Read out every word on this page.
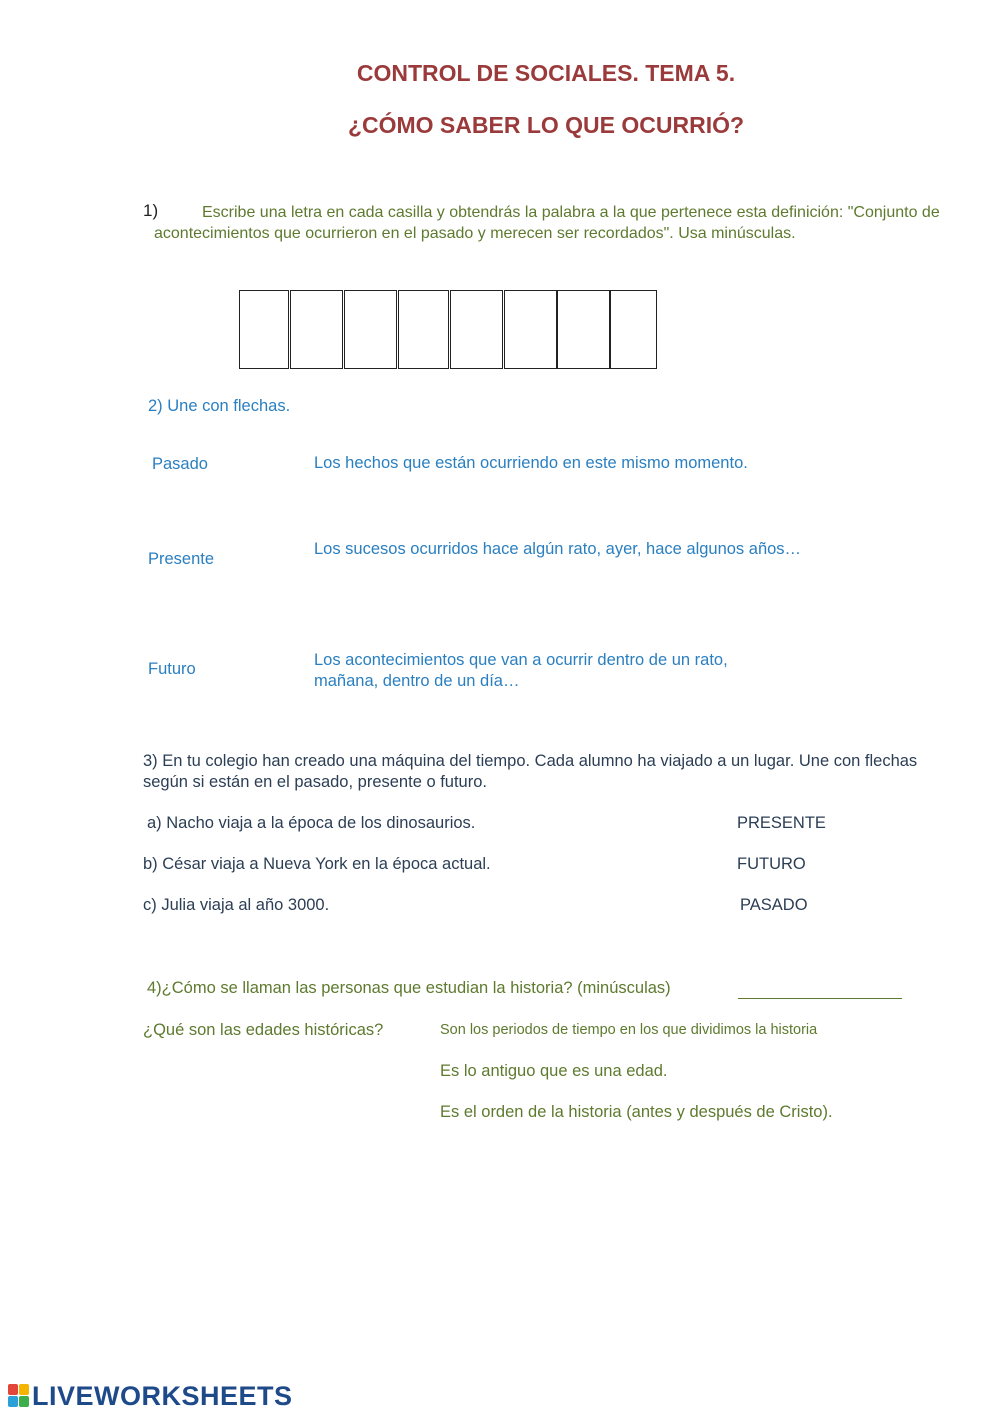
CONTROL DE SOCIALES. TEMA 5.
¿CÓMO SABER LO QUE OCURRIÓ?
1)	Escribe una letra en cada casilla y obtendrás la palabra a la que pertenece esta definición: "Conjunto de acontecimientos que ocurrieron en el pasado y merecen ser recordados". Usa minúsculas.
2) Une con flechas.
Pasado
Presente
Futuro
Los hechos que están ocurriendo en este mismo momento.
Los sucesos ocurridos hace algún rato, ayer, hace algunos años…
Los acontecimientos que van a ocurrir dentro de un rato, mañana, dentro de un día…
3) En tu colegio han creado una máquina del tiempo. Cada alumno ha viajado a un lugar. Une con flechas según si están en el pasado, presente o futuro.
a) Nacho viaja a la época de los dinosaurios.
b) César viaja a Nueva York en la época actual.
c) Julia viaja al año 3000.
PRESENTE
FUTURO
PASADO
4)¿Cómo se llaman las personas que estudian la historia? (minúsculas)
¿Qué son las edades históricas?	Son los periodos de tiempo en los que dividimos la historia
Es lo antiguo que es una edad.
Es el orden de la historia (antes y después de Cristo).
LIVEWORKSHEETS
